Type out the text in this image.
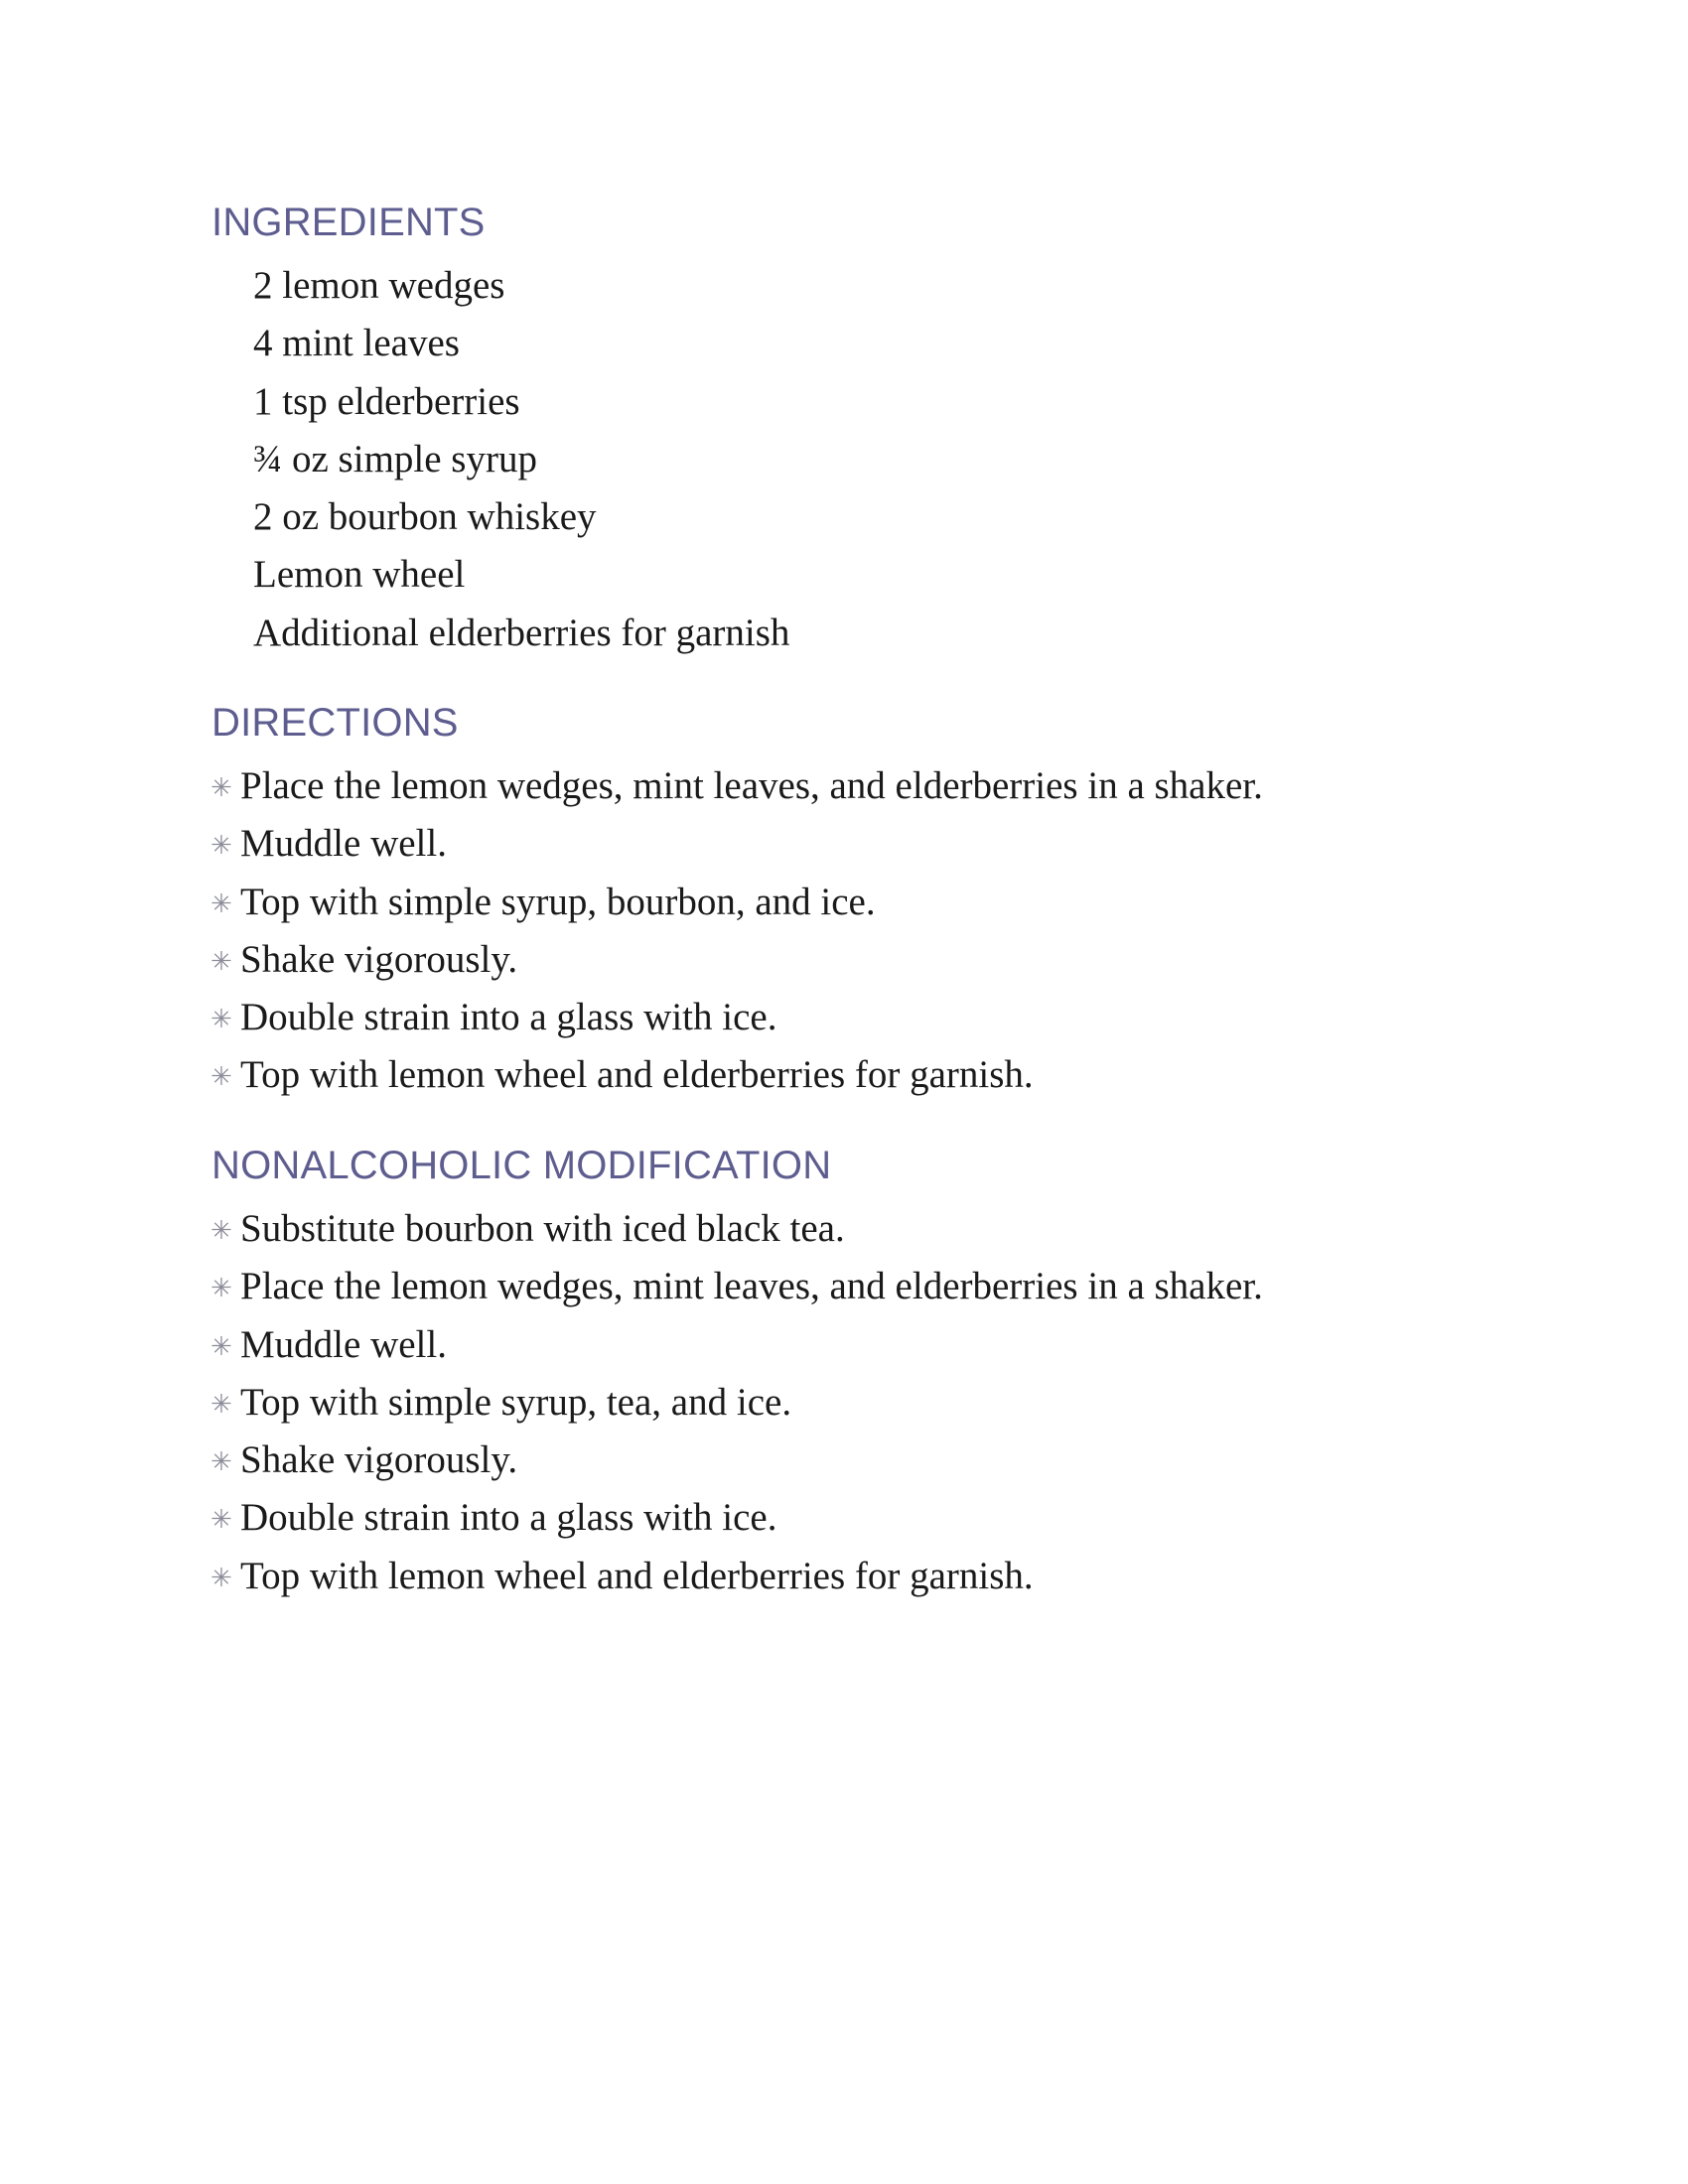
INGREDIENTS
2 lemon wedges
4 mint leaves
1 tsp elderberries
¾ oz simple syrup
2 oz bourbon whiskey
Lemon wheel
Additional elderberries for garnish
DIRECTIONS
✳ Place the lemon wedges, mint leaves, and elderberries in a shaker.
✳ Muddle well.
✳ Top with simple syrup, bourbon, and ice.
✳ Shake vigorously.
✳ Double strain into a glass with ice.
✳ Top with lemon wheel and elderberries for garnish.
NONALCOHOLIC MODIFICATION
✳ Substitute bourbon with iced black tea.
✳ Place the lemon wedges, mint leaves, and elderberries in a shaker.
✳ Muddle well.
✳ Top with simple syrup, tea, and ice.
✳ Shake vigorously.
✳ Double strain into a glass with ice.
✳ Top with lemon wheel and elderberries for garnish.
